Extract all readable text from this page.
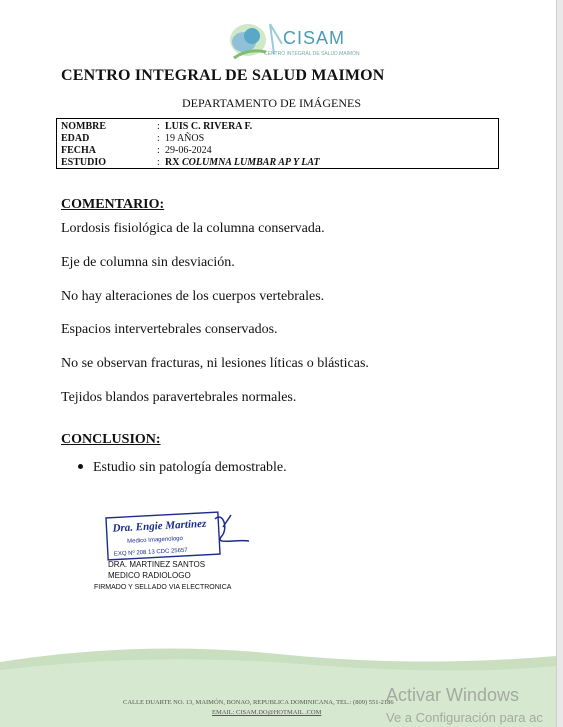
CISAM
CENTRO INTEGRAL DE SALUD MAIMON
CENTRO INTEGRAL DE SALUD MAIMON
DEPARTAMENTO DE IMÁGENES
NOMBRE	: LUIS C. RIVERA F.
EDAD	: 19 AÑOS
FECHA	: 29-06-2024
ESTUDIO	: RX COLUMNA LUMBAR AP Y LAT
COMENTARIO:
Lordosis fisiológica de la columna conservada.
Eje de columna sin desviación.
No hay alteraciones de los cuerpos vertebrales.
Espacios intervertebrales conservados.
No se observan fracturas, ni lesiones líticas o blásticas.
Tejidos blandos paravertebrales normales.
CONCLUSION:
Estudio sin patología demostrable.
Dra. Engie Martinez
Medico Imagenologo
EXQ Nº 208 13 CDC 25657
DRA. MARTINEZ SANTOS
MEDICO RADIOLOGO
FIRMADO Y SELLADO VIA ELECTRONICA
CALLE DUARTE NO. 13, MAIMÓN, BONAO, REPUBLICA DOMINICANA, TEL.: (809) 551-2186
EMAIL: CISAM.DO@HOTMAIL .COM
Activar Windows
Ve a Configuración para ac
